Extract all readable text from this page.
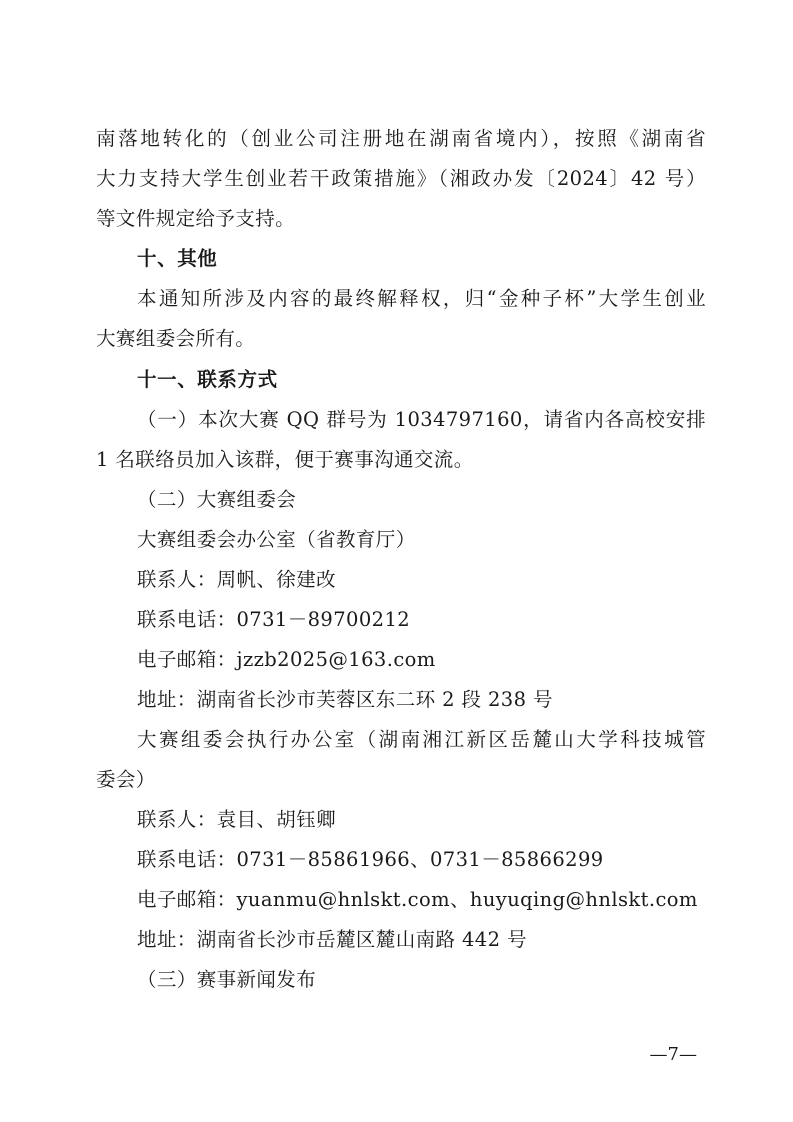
南落地转化的（创业公司注册地在湖南省境内），按照《湖南省
大力支持大学生创业若干政策措施》（湘政办发〔2024〕42 号）
等文件规定给予支持。
十、其他
本通知所涉及内容的最终解释权，归“金种子杯”大学生创业
大赛组委会所有。
十一、联系方式
（一）本次大赛 QQ 群号为 1034797160，请省内各高校安排
1 名联络员加入该群，便于赛事沟通交流。
（二）大赛组委会
大赛组委会办公室（省教育厅）
联系人：周帆、徐建改
联系电话：0731－89700212
电子邮箱：jzzb2025@163.com
地址：湖南省长沙市芙蓉区东二环 2 段 238 号
大赛组委会执行办公室（湖南湘江新区岳麓山大学科技城管
委会）
联系人：袁目、胡钰卿
联系电话：0731－85861966、0731－85866299
电子邮箱：yuanmu@hnlskt.com、huyuqing@hnlskt.com
地址：湖南省长沙市岳麓区麓山南路 442 号
（三）赛事新闻发布
—7—
